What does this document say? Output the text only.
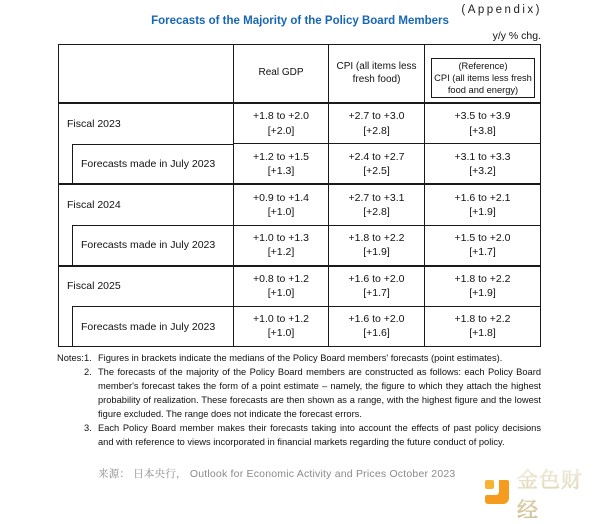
(Appendix)
Forecasts of the Majority of the Policy Board Members
y/y % chg.
Real GDP
CPI (all items less fresh food)
(Reference)
CPI (all items less fresh food and energy)
Fiscal 2023
Forecasts made in July 2023
+1.8 to +2.0
[+2.0]
+1.2 to +1.5
[+1.3]
+2.7 to +3.0
[+2.8]
+2.4 to +2.7
[+2.5]
+3.5 to +3.9
[+3.8]
+3.1 to +3.3
[+3.2]
Fiscal 2024
Forecasts made in July 2023
+0.9 to +1.4
[+1.0]
+1.0 to +1.3
[+1.2]
+2.7 to +3.1
[+2.8]
+1.8 to +2.2
[+1.9]
+1.6 to +2.1
[+1.9]
+1.5 to +2.0
[+1.7]
Fiscal 2025
Forecasts made in July 2023
+0.8 to +1.2
[+1.0]
+1.0 to +1.2
[+1.0]
+1.6 to +2.0
[+1.7]
+1.6 to +2.0
[+1.6]
+1.8 to +2.2
[+1.9]
+1.8 to +2.2
[+1.8]
Notes: 1. Figures in brackets indicate the medians of the Policy Board members' forecasts (point estimates).
2. The forecasts of the majority of the Policy Board members are constructed as follows: each Policy Board member's forecast takes the form of a point estimate – namely, the figure to which they attach the highest probability of realization. These forecasts are then shown as a range, with the highest figure and the lowest figure excluded. The range does not indicate the forecast errors.
3. Each Policy Board member makes their forecasts taking into account the effects of past policy decisions and with reference to views incorporated in financial markets regarding the future conduct of policy.
来源： 日本央行， Outlook for Economic Activity and Prices October 2023	金色财经
